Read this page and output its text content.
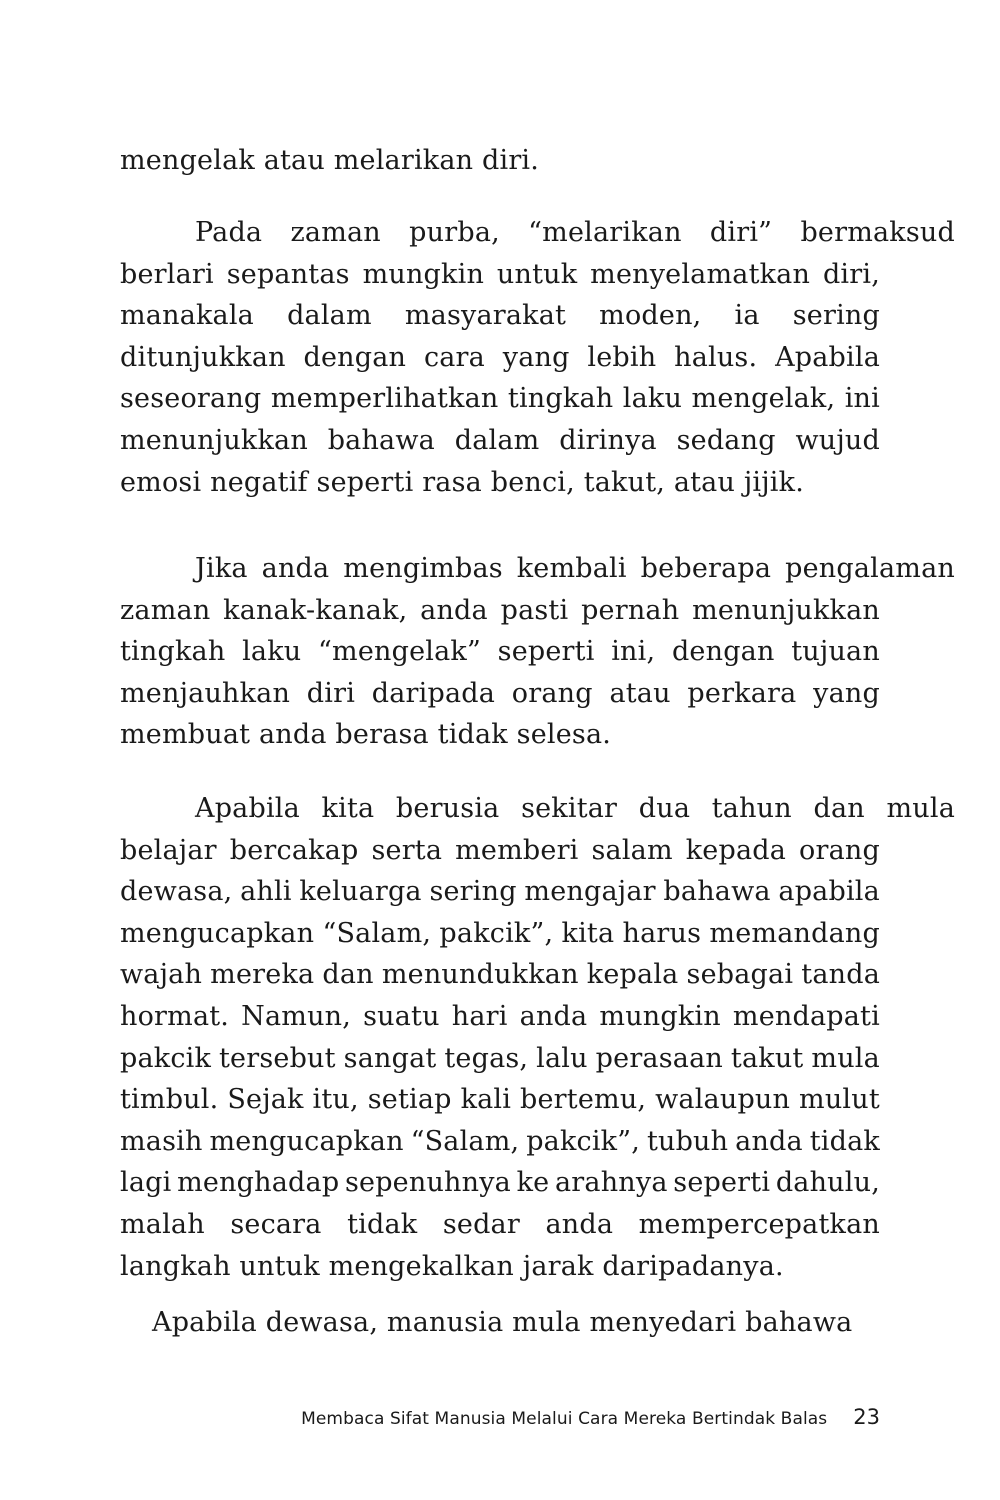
mengelak atau melarikan diri.
Pada zaman purba, “melarikan diri” bermaksud
berlari sepantas mungkin untuk menyelamatkan diri,
manakala dalam masyarakat moden, ia sering
ditunjukkan dengan cara yang lebih halus. Apabila
seseorang memperlihatkan tingkah laku mengelak, ini
menunjukkan bahawa dalam dirinya sedang wujud
emosi negatif seperti rasa benci, takut, atau jijik.
Jika anda mengimbas kembali beberapa pengalaman
zaman kanak-kanak, anda pasti pernah menunjukkan
tingkah laku “mengelak” seperti ini, dengan tujuan
menjauhkan diri daripada orang atau perkara yang
membuat anda berasa tidak selesa.
Apabila kita berusia sekitar dua tahun dan mula
belajar bercakap serta memberi salam kepada orang
dewasa, ahli keluarga sering mengajar bahawa apabila
mengucapkan “Salam, pakcik”, kita harus memandang
wajah mereka dan menundukkan kepala sebagai tanda
hormat. Namun, suatu hari anda mungkin mendapati
pakcik tersebut sangat tegas, lalu perasaan takut mula
timbul. Sejak itu, setiap kali bertemu, walaupun mulut
masih mengucapkan “Salam, pakcik”, tubuh anda tidak
lagi menghadap sepenuhnya ke arahnya seperti dahulu,
malah secara tidak sedar anda mempercepatkan
langkah untuk mengekalkan jarak daripadanya.
Apabila dewasa, manusia mula menyedari bahawa
Membaca Sifat Manusia Melalui Cara Mereka Bertindak Balas 23
